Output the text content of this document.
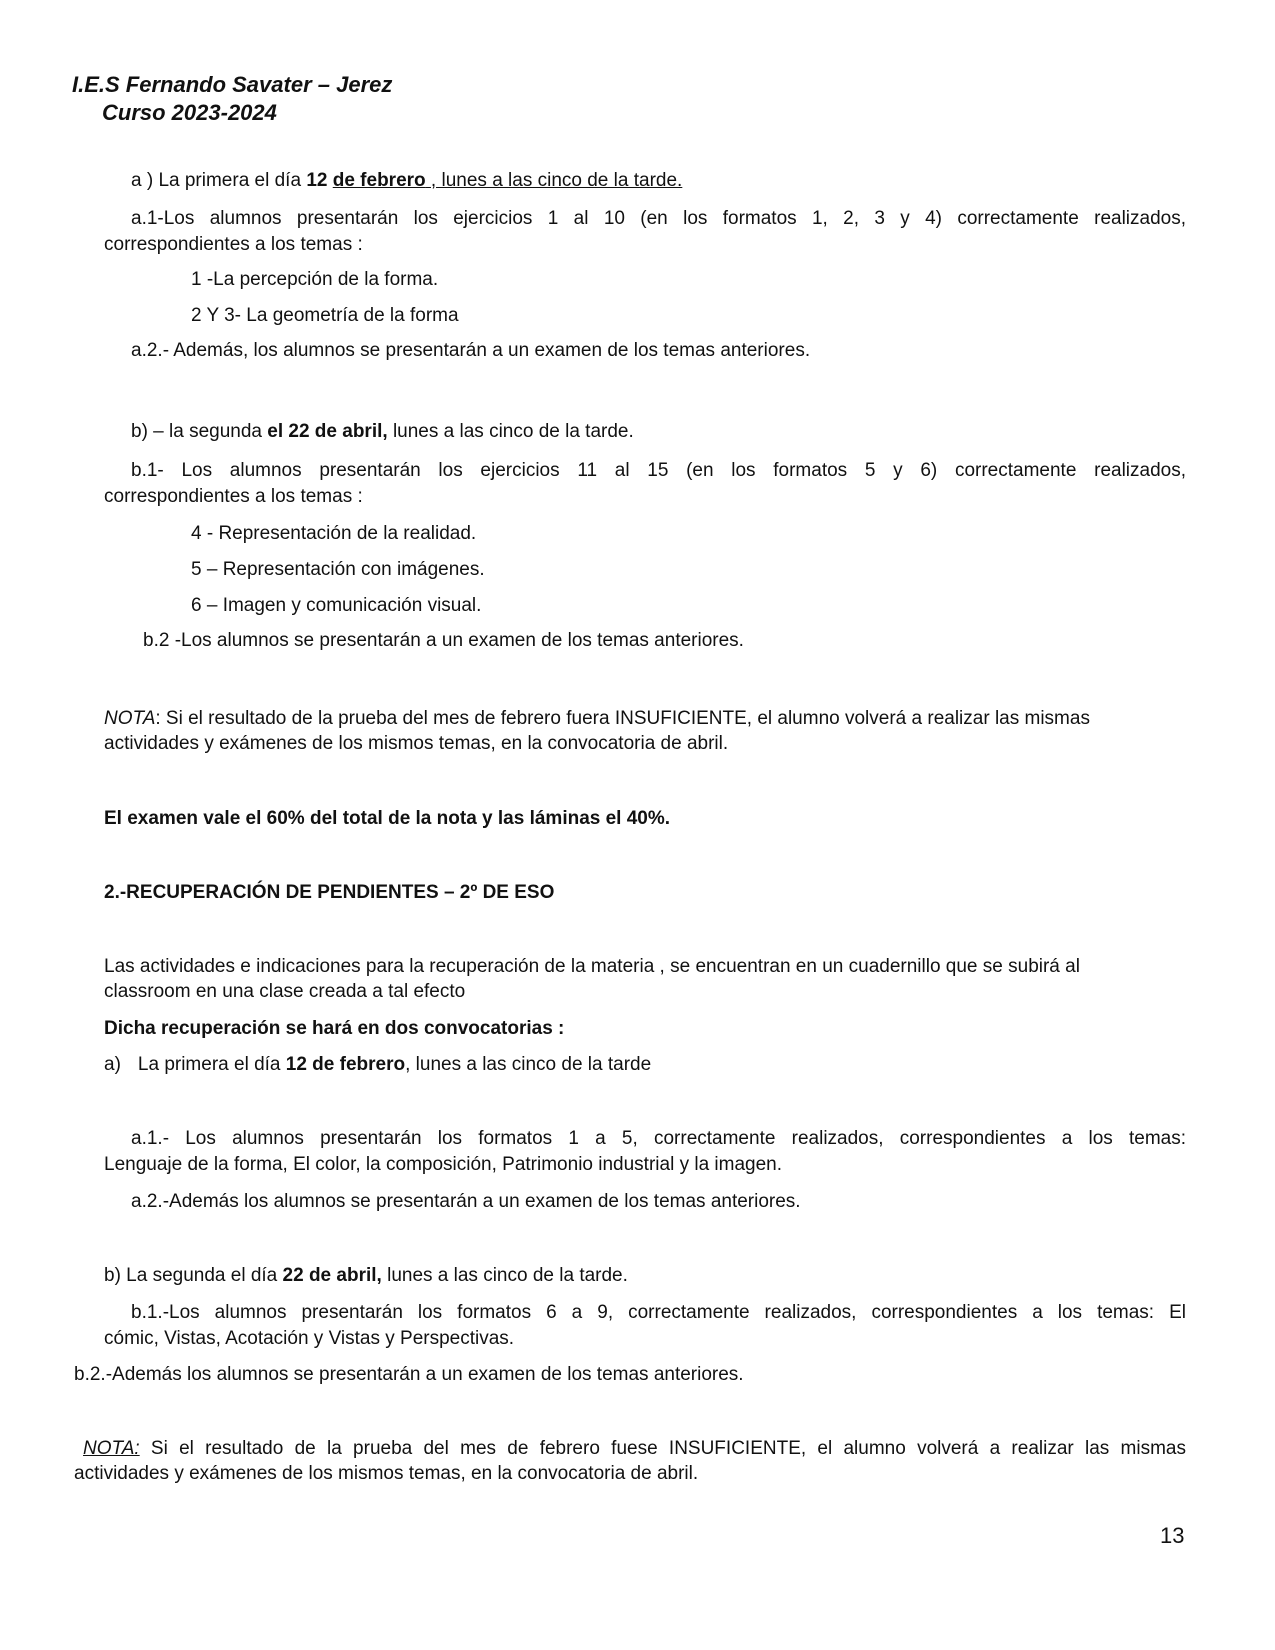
I.E.S Fernando Savater – Jerez
Curso 2023-2024
a ) La primera el día 12 de febrero , lunes a las cinco de la tarde.
a.1-Los alumnos presentarán los ejercicios 1 al 10 (en los formatos 1, 2, 3 y 4) correctamente realizados,
correspondientes a los temas :
1 -La percepción de la forma.
2 Y 3- La geometría de la forma
a.2.- Además, los alumnos se presentarán a un examen de los temas anteriores.
b) – la segunda el 22 de abril, lunes a las cinco de la tarde.
b.1- Los alumnos presentarán los ejercicios 11 al 15 (en los formatos 5 y 6) correctamente realizados,
correspondientes a los temas :
4 - Representación de la realidad.
5 – Representación con imágenes.
6 – Imagen y comunicación visual.
b.2 -Los alumnos se presentarán a un examen de los temas anteriores.
NOTA: Si el resultado de la prueba del mes de febrero fuera INSUFICIENTE, el alumno volverá a realizar las mismas
actividades y exámenes de los mismos temas, en la convocatoria de abril.
El examen vale el 60% del total de la nota y las láminas el 40%.
2.-RECUPERACIÓN DE PENDIENTES – 2º DE ESO
Las actividades e indicaciones para la recuperación de la materia , se encuentran en un cuadernillo que se subirá al
classroom en una clase creada a tal efecto
Dicha recuperación se hará en dos convocatorias :
a) La primera el día 12 de febrero, lunes a las cinco de la tarde
a.1.- Los alumnos presentarán los formatos 1 a 5, correctamente realizados, correspondientes a los temas:
Lenguaje de la forma, El color, la composición, Patrimonio industrial y la imagen.
a.2.-Además los alumnos se presentarán a un examen de los temas anteriores.
b) La segunda el día 22 de abril, lunes a las cinco de la tarde.
b.1.-Los alumnos presentarán los formatos 6 a 9, correctamente realizados, correspondientes a los temas: El
cómic, Vistas, Acotación y Vistas y Perspectivas.
b.2.-Además los alumnos se presentarán a un examen de los temas anteriores.
NOTA: Si el resultado de la prueba del mes de febrero fuese INSUFICIENTE, el alumno volverá a realizar las mismas
actividades y exámenes de los mismos temas, en la convocatoria de abril.
13
